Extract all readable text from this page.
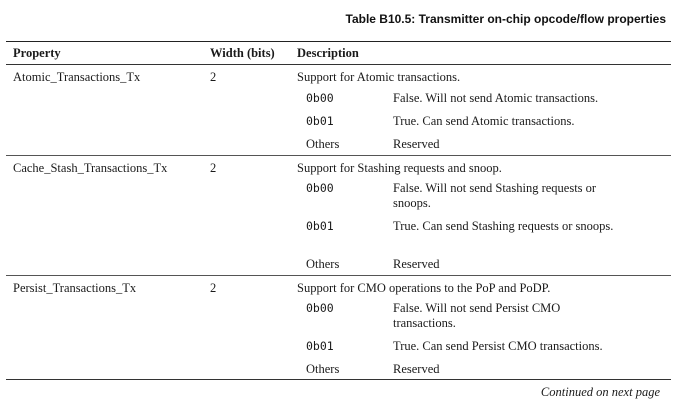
Table B10.5: Transmitter on-chip opcode/flow properties
Property	Width (bits) Description
Atomic_Transactions_Tx	2	Support for Atomic transactions.
0b00	False. Will not send Atomic transactions.
0b01	True. Can send Atomic transactions.
Others	Reserved
Cache_Stash_Transactions_Tx	2	Support for Stashing requests and snoop.
0b00	False. Will not send Stashing requests or snoops.
0b01	True. Can send Stashing requests or snoops.
Others	Reserved
Persist_Transactions_Tx	2	Support for CMO operations to the PoP and PoDP.
0b00	False. Will not send Persist CMO transactions.
0b01	True. Can send Persist CMO transactions.
Others	Reserved
Continued on next page
